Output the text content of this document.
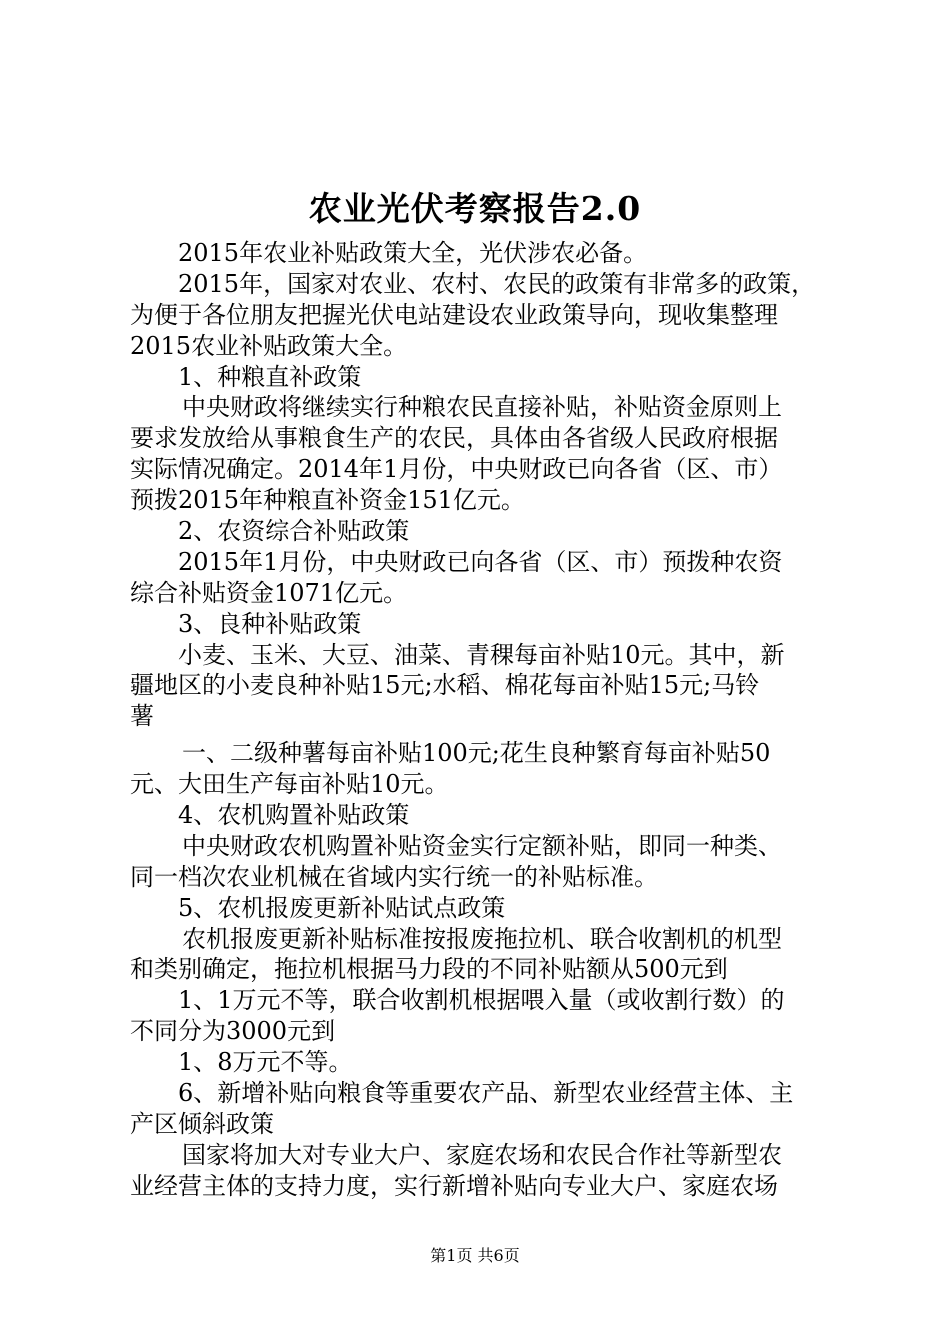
农业光伏考察报告2.0
2015年农业补贴政策大全，光伏涉农必备。
2015年，国家对农业、农村、农民的政策有非常多的政策，
为便于各位朋友把握光伏电站建设农业政策导向，现收集整理
2015农业补贴政策大全。
1、种粮直补政策
中央财政将继续实行种粮农民直接补贴，补贴资金原则上
要求发放给从事粮食生产的农民，具体由各省级人民政府根据
实际情况确定。2014年1月份，中央财政已向各省（区、市）
预拨2015年种粮直补资金151亿元。
2、农资综合补贴政策
2015年1月份，中央财政已向各省（区、市）预拨种农资
综合补贴资金1071亿元。
3、良种补贴政策
小麦、玉米、大豆、油菜、青稞每亩补贴10元。其中，新
疆地区的小麦良种补贴15元;水稻、棉花每亩补贴15元;马铃
薯
一、二级种薯每亩补贴100元;花生良种繁育每亩补贴50
元、大田生产每亩补贴10元。
4、农机购置补贴政策
中央财政农机购置补贴资金实行定额补贴，即同一种类、
同一档次农业机械在省域内实行统一的补贴标准。
5、农机报废更新补贴试点政策
农机报废更新补贴标准按报废拖拉机、联合收割机的机型
和类别确定，拖拉机根据马力段的不同补贴额从500元到
1、1万元不等，联合收割机根据喂入量（或收割行数）的
不同分为3000元到
1、8万元不等。
6、新增补贴向粮食等重要农产品、新型农业经营主体、主
产区倾斜政策
国家将加大对专业大户、家庭农场和农民合作社等新型农
业经营主体的支持力度，实行新增补贴向专业大户、家庭农场
第1页 共6页
